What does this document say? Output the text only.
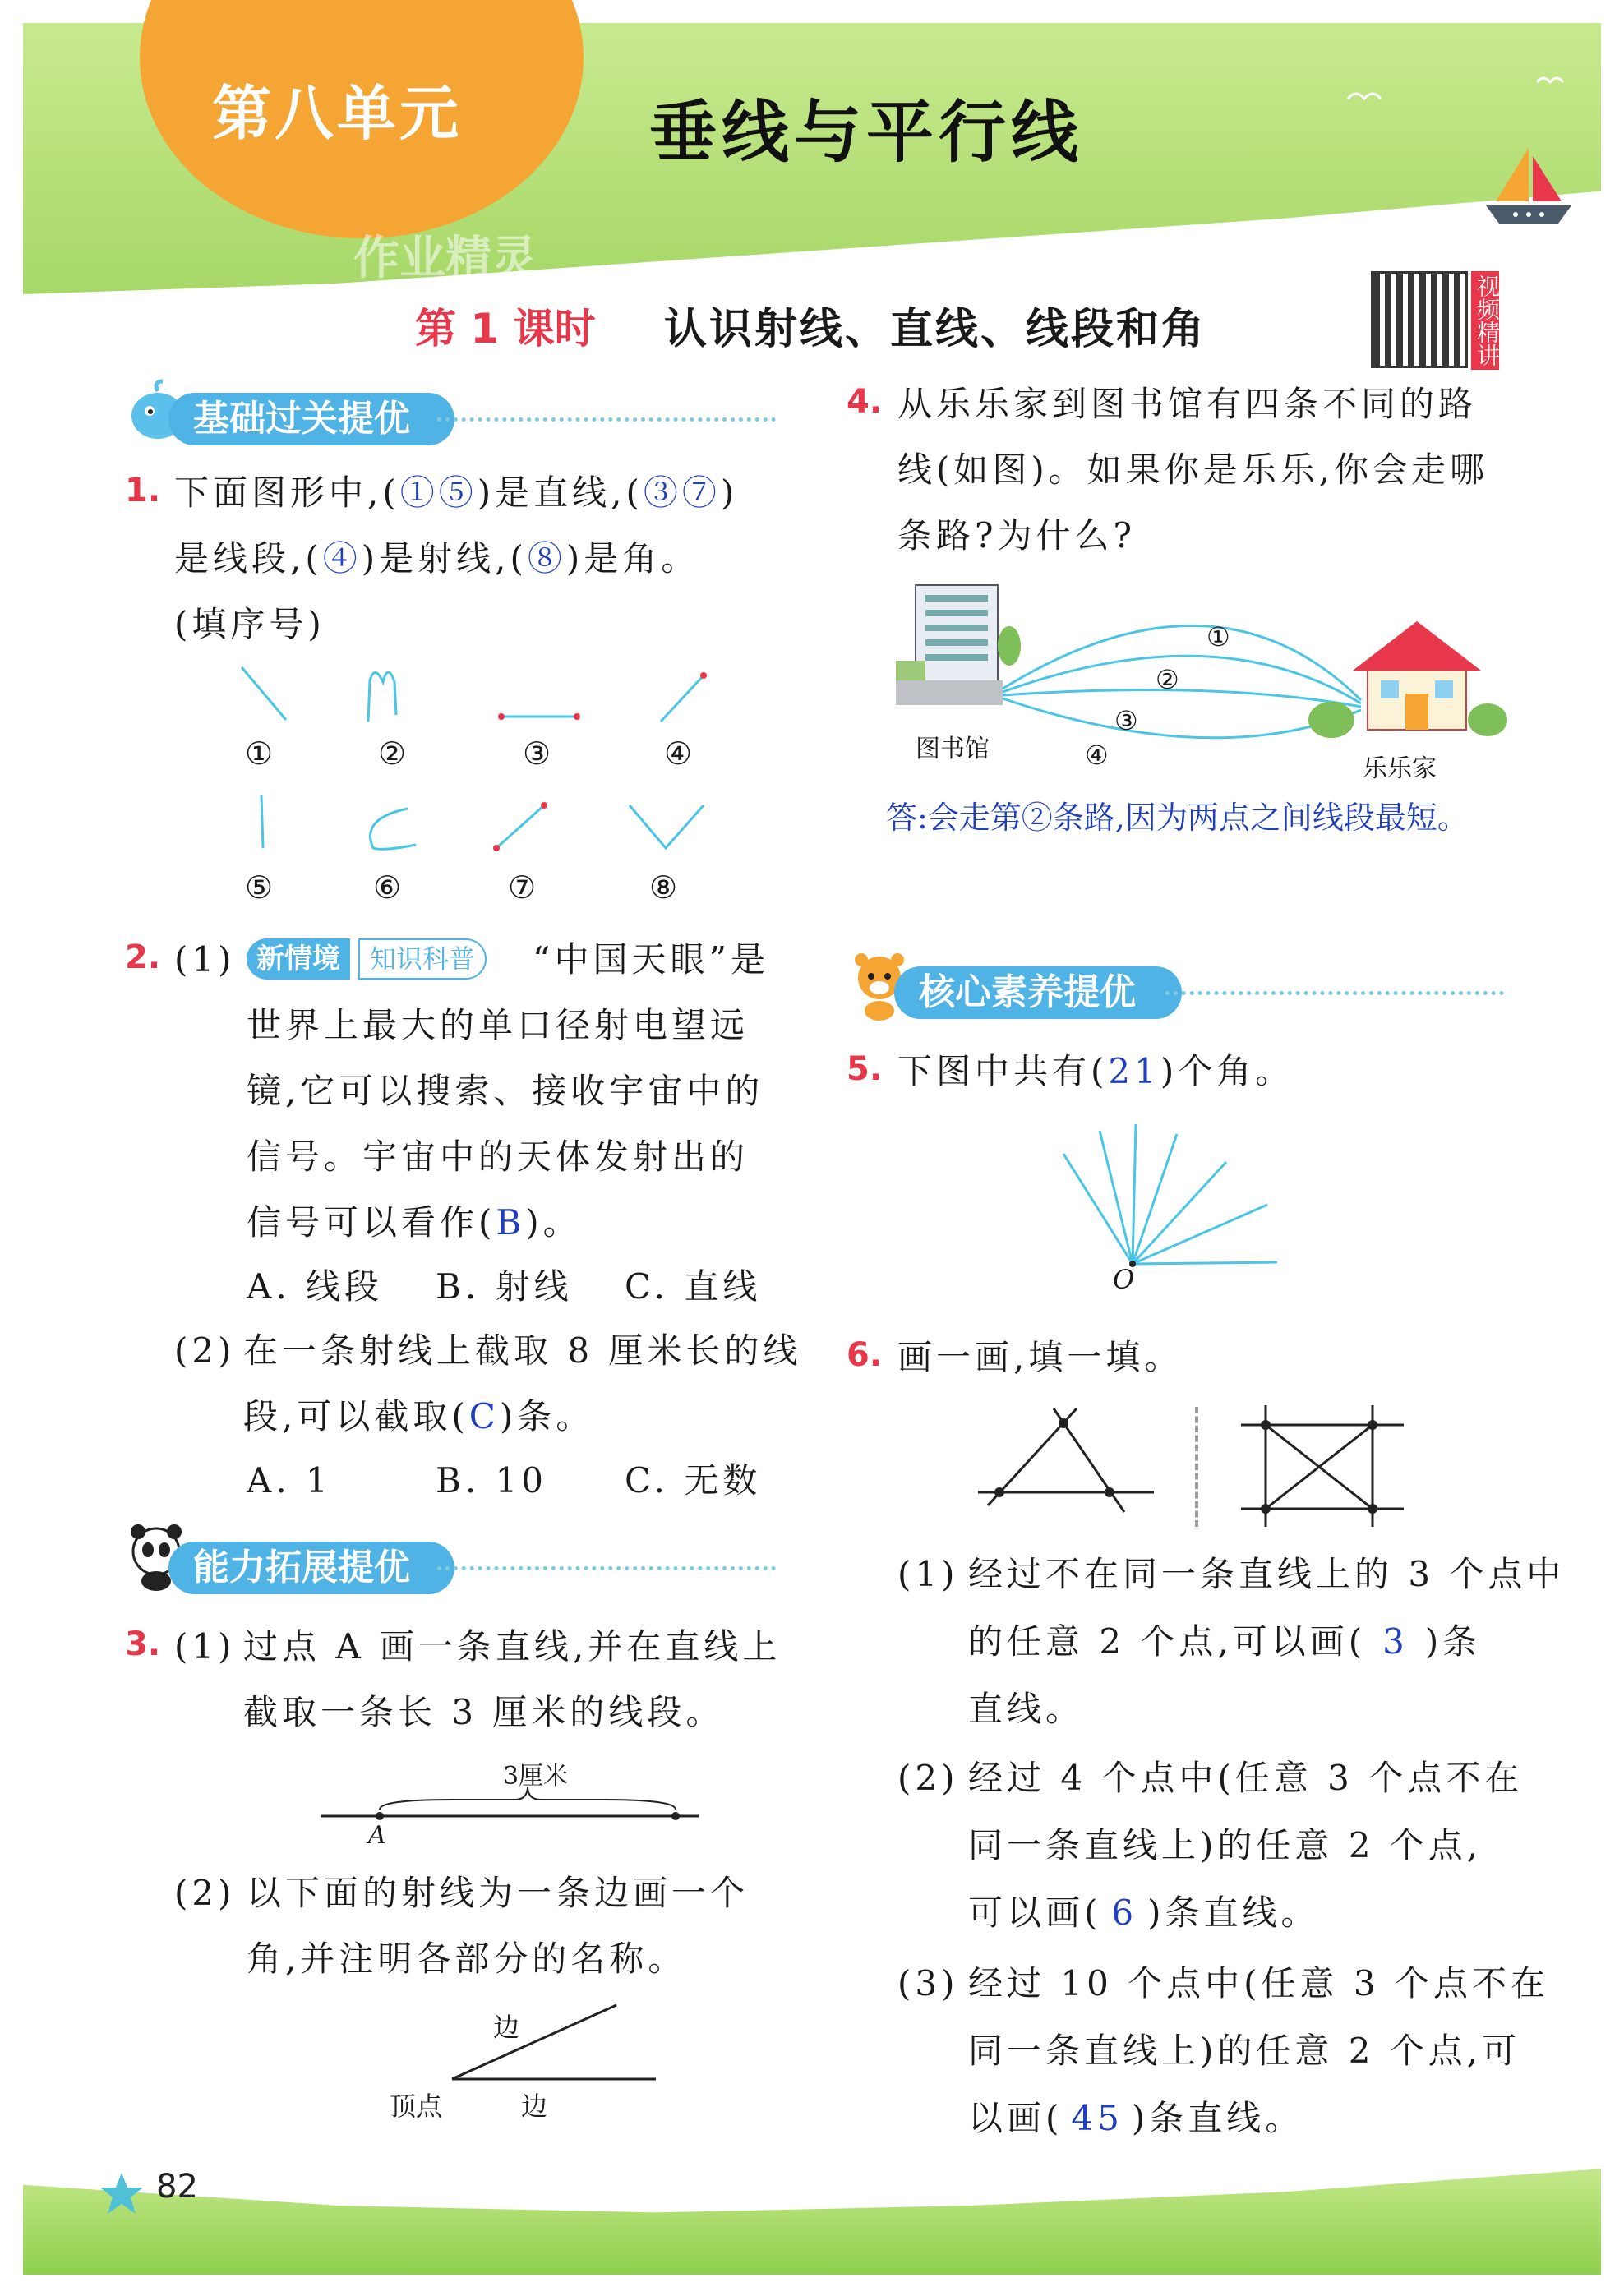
第八单元	垂线与平行线
作业精灵
第 1 课时 认识射线、直线、线段和角	视频精讲
基础过关提优
1. 下面图形中,(①⑤)是直线,(③⑦)
是线段,(④)是射线,(⑧)是角。
(填序号)
①	②	③	④
⑤	⑥	⑦	⑧
2. (1) 新情境	知识科普	“中国天眼”是
世界上最大的单口径射电望远
镜,它可以搜索、接收宇宙中的
信号。宇宙中的天体发射出的
信号可以看作(B)。
A. 线段 B. 射线 C. 直线
(2) 在一条射线上截取 8 厘米长的线
段,可以截取(C)条。
A. 1	B. 10 C. 无数
能力拓展提优
3. (1) 过点 A 画一条直线,并在直线上
截取一条长 3 厘米的线段。
3厘米
A
(2) 以下面的射线为一条边画一个
角,并注明各部分的名称。
边
顶点	边
4. 从乐乐家到图书馆有四条不同的路
线(如图)。如果你是乐乐,你会走哪
条路?为什么?
①
②
③
④
图书馆
乐乐家
答:会走第②条路,因为两点之间线段最短。
核心素养提优
5. 下图中共有(21)个角。
O
6. 画一画,填一填。
(1) 经过不在同一条直线上的 3 个点中
的任意 2 个点,可以画( 3 )条
直线。
(2) 经过 4 个点中(任意 3 个点不在
同一条直线上)的任意 2 个点,
可以画( 6 )条直线。
(3) 经过 10 个点中(任意 3 个点不在
同一条直线上)的任意 2 个点,可
以画( 45 )条直线。
82
